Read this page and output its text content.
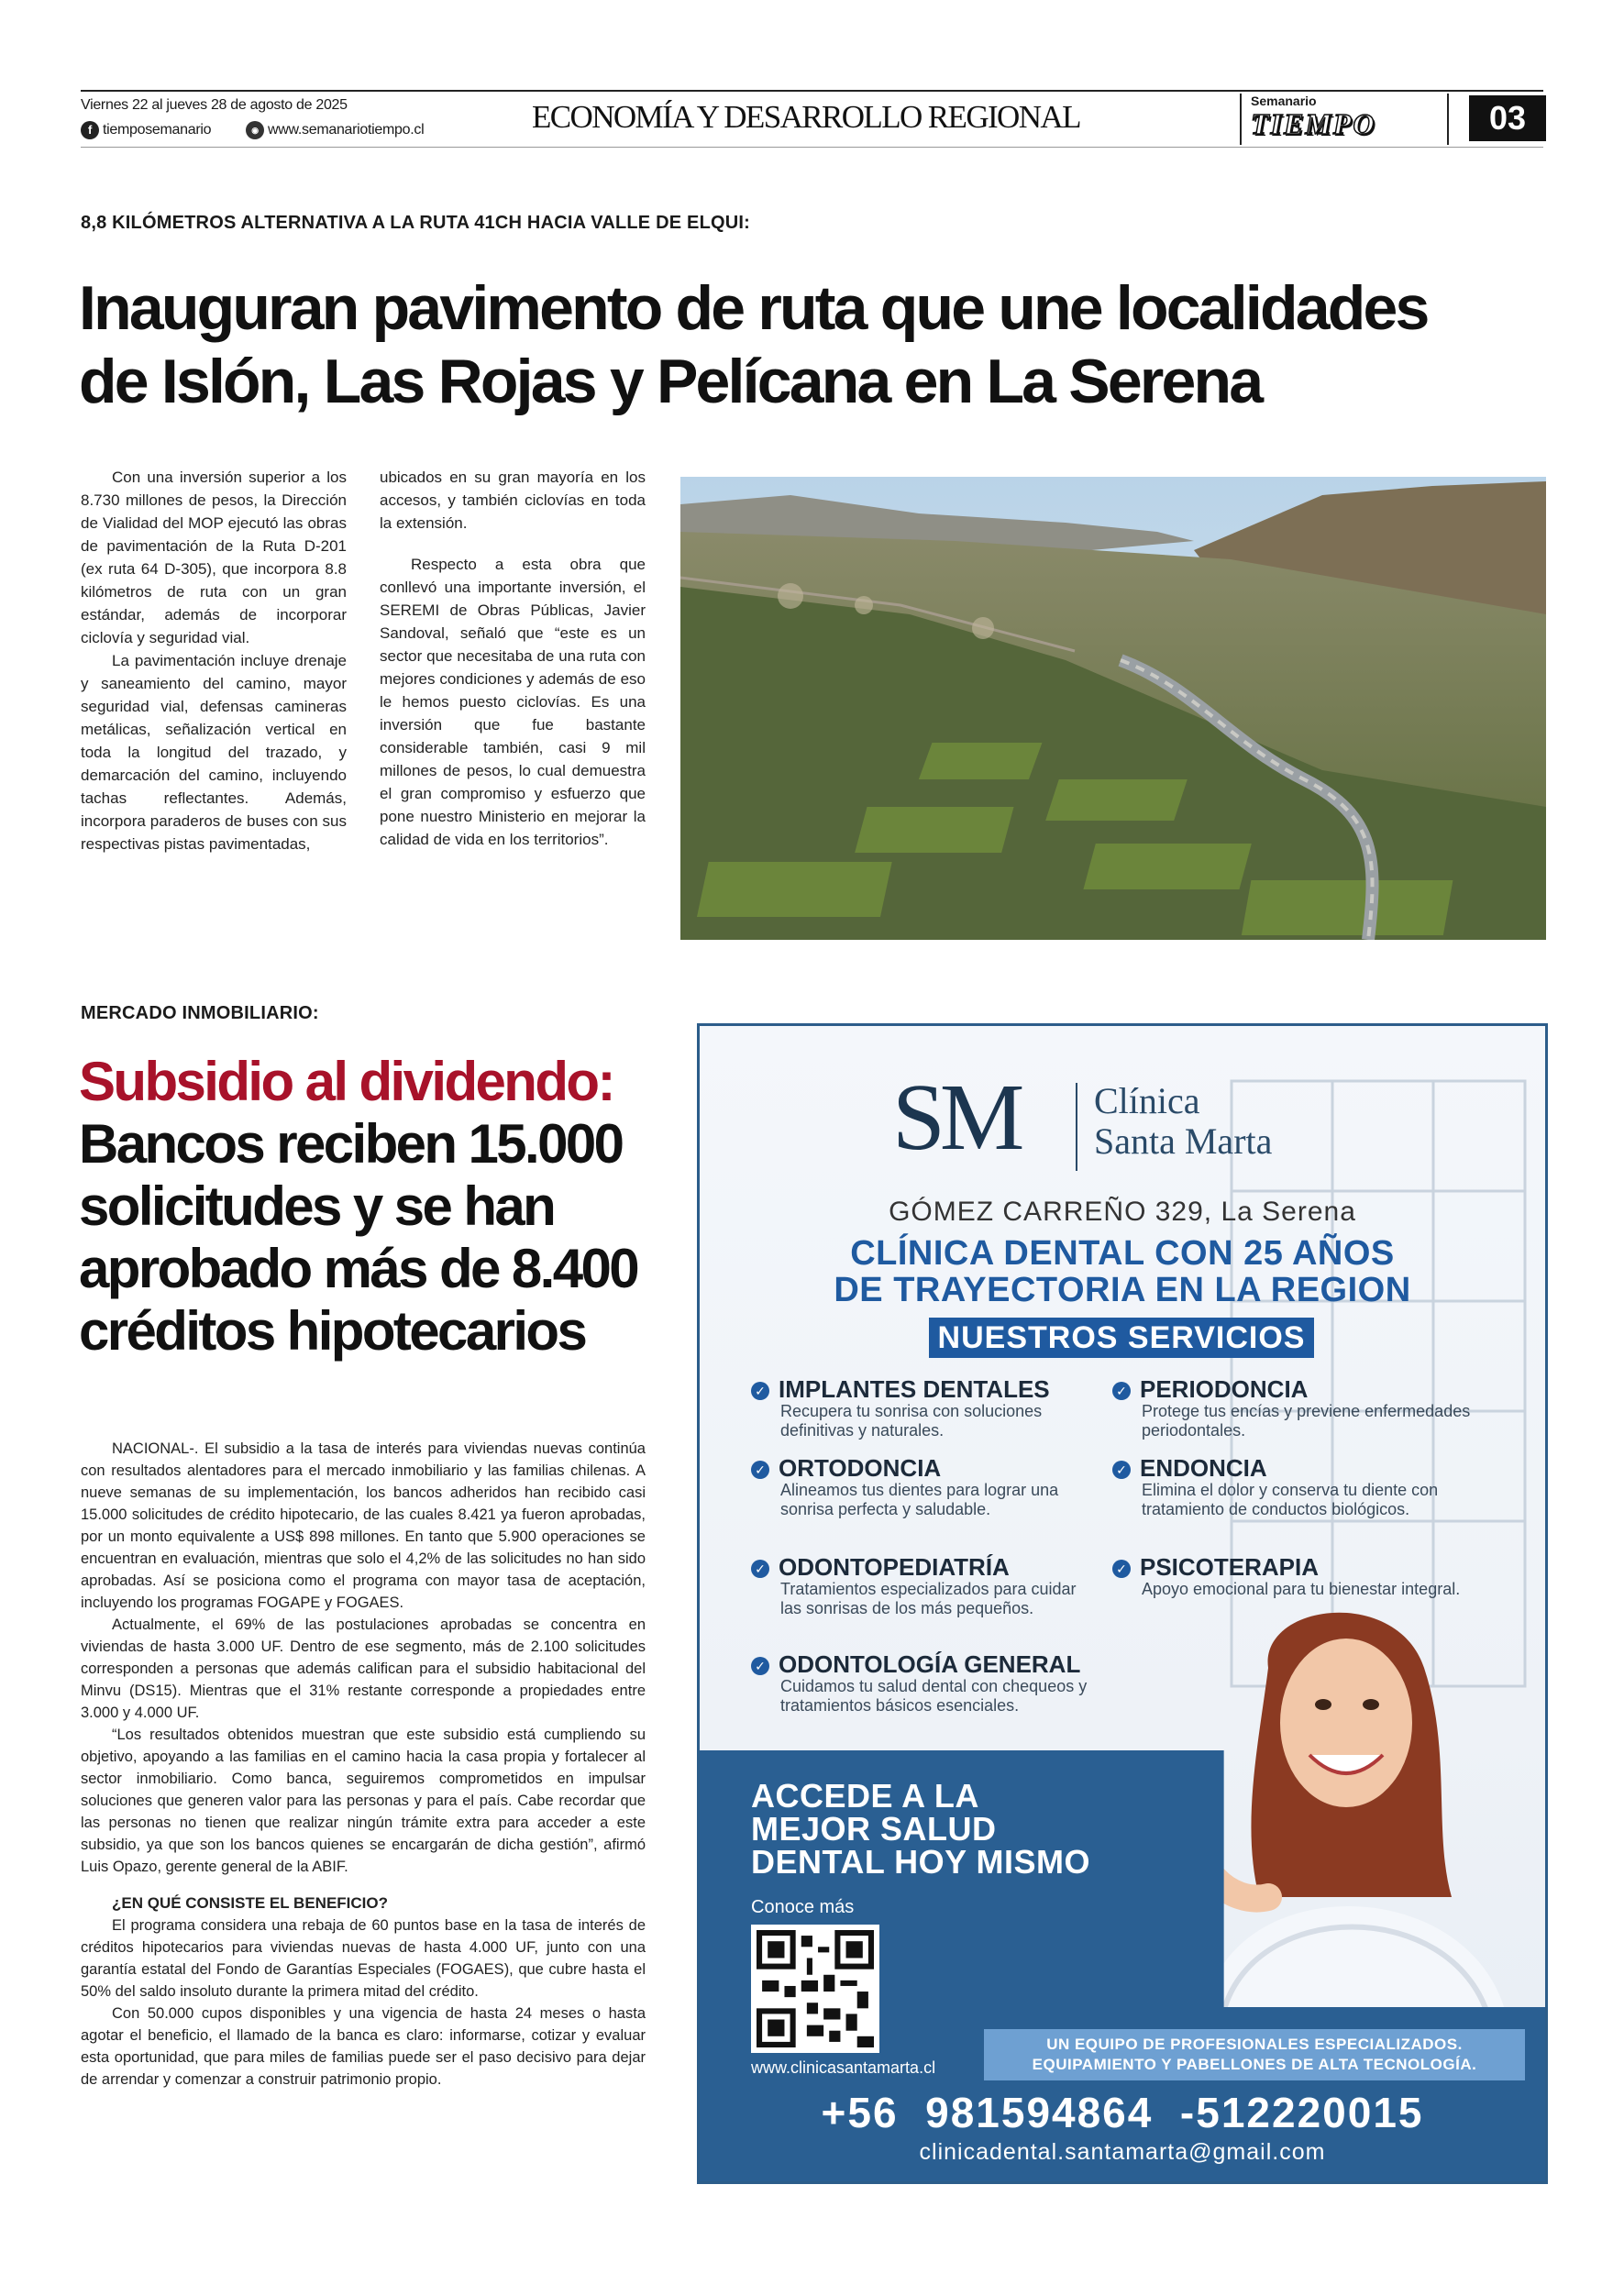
Viernes 22 al jueves 28 de agosto de 2025
f tiemposemanario	◉ www.semanariotiempo.cl	ECONOMÍA Y DESARROLLO REGIONAL	Semanario
TIEMPO	03
8,8 KILÓMETROS ALTERNATIVA A LA RUTA 41CH HACIA VALLE DE ELQUI:
Inauguran pavimento de ruta que une localidades
de Islón, Las Rojas y Pelícana en La Serena

Con una inversión superior a los 8.730 millones de pesos, la Dirección de Vialidad del MOP ejecutó las obras de pavimentación de la Ruta D-201 (ex ruta 64 D-305), que incorpora 8.8 kilómetros de ruta con un gran estándar, además de incorporar ciclovía y seguridad vial.

La pavimentación incluye drenaje y saneamiento del camino, mayor seguridad vial, defensas camineras metálicas, señalización vertical en toda la longitud del trazado, y demarcación del camino, incluyendo tachas reflectantes. Además, incorpora paraderos de buses con sus respectivas pistas pavimentadas,

ubicados en su gran mayoría en los accesos, y también ciclovías en toda la extensión.

Respecto a esta obra que conllevó una importante inversión, el SEREMI de Obras Públicas, Javier Sandoval, señaló que “este es un sector que necesitaba de una ruta con mejores condiciones y además de eso le hemos puesto ciclovías. Es una inversión que fue bastante considerable también, casi 9 mil millones de pesos, lo cual demuestra el gran compromiso y esfuerzo que pone nuestro Ministerio en mejorar la calidad de vida en los territorios”.

MERCADO INMOBILIARIO:
Subsidio al dividendo:
Bancos reciben 15.000
solicitudes y se han
aprobado más de 8.400
créditos hipotecarios

NACIONAL-. El subsidio a la tasa de interés para viviendas nuevas continúa con resultados alentadores para el mercado inmobiliario y las familias chilenas. A nueve semanas de su implementación, los bancos adheridos han recibido casi 15.000 solicitudes de crédito hipotecario, de las cuales 8.421 ya fueron aprobadas, por un monto equivalente a US$ 898 millones. En tanto que 5.900 operaciones se encuentran en evaluación, mientras que solo el 4,2% de las solicitudes no han sido aprobadas. Así se posiciona como el programa con mayor tasa de aceptación, incluyendo los programas FOGAPE y FOGAES.

Actualmente, el 69% de las postulaciones aprobadas se concentra en viviendas de hasta 3.000 UF. Dentro de ese segmento, más de 2.100 solicitudes corresponden a personas que además califican para el subsidio habitacional del Minvu (DS15). Mientras que el 31% restante corresponde a propiedades entre 3.000 y 4.000 UF.

“Los resultados obtenidos muestran que este subsidio está cumpliendo su objetivo, apoyando a las familias en el camino hacia la casa propia y fortalecer al sector inmobiliario. Como banca, seguiremos comprometidos en impulsar soluciones que generen valor para las personas y para el país. Cabe recordar que las personas no tienen que realizar ningún trámite extra para acceder a este subsidio, ya que son los bancos quienes se encargarán de dicha gestión”, afirmó Luis Opazo, gerente general de la ABIF.

¿EN QUÉ CONSISTE EL BENEFICIO?

El programa considera una rebaja de 60 puntos base en la tasa de interés de créditos hipotecarios para viviendas nuevas de hasta 4.000 UF, junto con una garantía estatal del Fondo de Garantías Especiales (FOGAES), que cubre hasta el 50% del saldo insoluto durante la primera mitad del crédito.

Con 50.000 cupos disponibles y una vigencia de hasta 24 meses o hasta agotar el beneficio, el llamado de la banca es claro: informarse, cotizar y evaluar esta oportunidad, que para miles de familias puede ser el paso decisivo para dejar de arrendar y comenzar a construir patrimonio propio.

SM Clínica
Santa Marta
GÓMEZ CARREÑO 329, La Serena
CLÍNICA DENTAL CON 25 AÑOS
DE TRAYECTORIA EN LA REGION
NUESTROS SERVICIOS
✓ IMPLANTES DENTALES
Recupera tu sonrisa con soluciones definitivas y naturales.
✓ PERIODONCIA
Protege tus encías y previene enfermedades periodontales.
✓ ORTODONCIA
Alineamos tus dientes para lograr una sonrisa perfecta y saludable.
✓ ENDONCIA
Elimina el dolor y conserva tu diente con tratamiento de conductos biológicos.
✓ ODONTOPEDIATRÍA
Tratamientos especializados para cuidar las sonrisas de los más pequeños.
✓ PSICOTERAPIA
Apoyo emocional para tu bienestar integral.
✓ ODONTOLOGÍA GENERAL
Cuidamos tu salud dental con chequeos y tratamientos básicos esenciales.
ACCEDE A LA
MEJOR SALUD
DENTAL HOY MISMO
Conoce más
www.clinicasantamarta.cl
UN EQUIPO DE PROFESIONALES ESPECIALIZADOS.
EQUIPAMIENTO Y PABELLONES DE ALTA TECNOLOGÍA.
+56  981594864  -512220015
clinicadental.santamarta@gmail.com
